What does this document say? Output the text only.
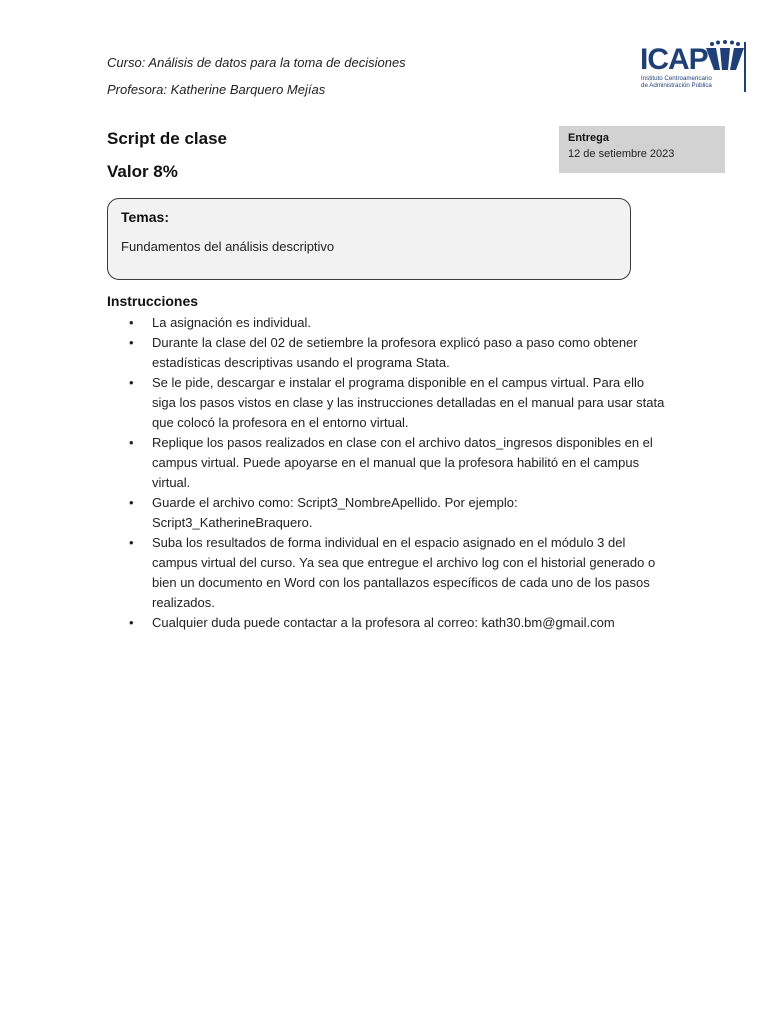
Curso: Análisis de datos para la toma de decisiones
Profesora: Katherine Barquero Mejías
ICAP
Instituto Centroamericano
de Administración Pública
Script de clase
Valor 8%
Entrega
12 de setiembre 2023
Temas:
Fundamentos del análisis descriptivo
Instrucciones
• La asignación es individual.
• Durante la clase del 02 de setiembre la profesora explicó paso a paso como obtener estadísticas descriptivas usando el programa Stata.
• Se le pide, descargar e instalar el programa disponible en el campus virtual. Para ello siga los pasos vistos en clase y las instrucciones detalladas en el manual para usar stata que colocó la profesora en el entorno virtual.
• Replique los pasos realizados en clase con el archivo datos_ingresos disponibles en el campus virtual. Puede apoyarse en el manual que la profesora habilitó en el campus virtual.
• Guarde el archivo como: Script3_NombreApellido. Por ejemplo: Script3_KatherineBraquero.
• Suba los resultados de forma individual en el espacio asignado en el módulo 3 del campus virtual del curso. Ya sea que entregue el archivo log con el historial generado o bien un documento en Word con los pantallazos específicos de cada uno de los pasos realizados.
• Cualquier duda puede contactar a la profesora al correo: kath30.bm@gmail.com
